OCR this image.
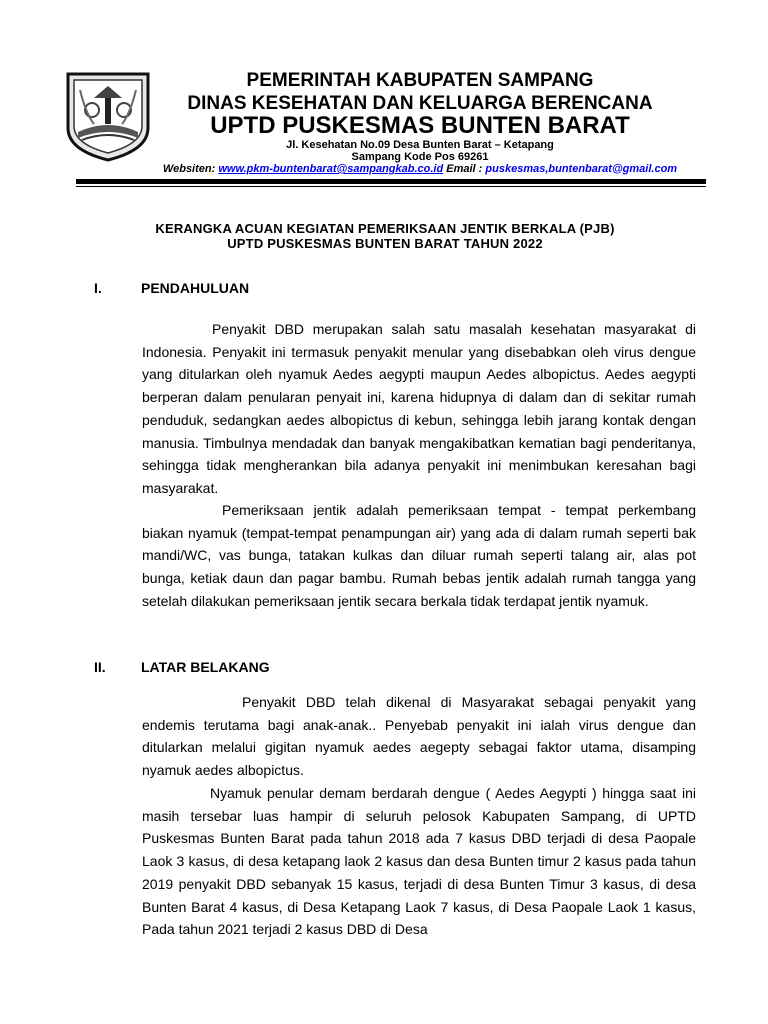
PEMERINTAH KABUPATEN SAMPANG
DINAS KESEHATAN DAN KELUARGA BERENCANA
UPTD PUSKESMAS BUNTEN BARAT
Jl. Kesehatan No.09 Desa Bunten Barat – Ketapang
Sampang Kode Pos 69261
Websiten: www.pkm-buntenbarat@sampangkab.co.id Email : puskesmas,buntenbarat@gmail.com
KERANGKA ACUAN KEGIATAN PEMERIKSAAN JENTIK BERKALA (PJB)
UPTD PUSKESMAS BUNTEN BARAT TAHUN 2022
I.	PENDAHULUAN
Penyakit DBD merupakan salah satu masalah kesehatan masyarakat di Indonesia. Penyakit ini termasuk penyakit menular yang disebabkan oleh virus dengue yang ditularkan oleh nyamuk Aedes aegypti maupun Aedes albopictus. Aedes aegypti berperan dalam penularan penyait ini, karena hidupnya di dalam dan di sekitar rumah penduduk, sedangkan aedes albopictus di kebun, sehingga lebih jarang kontak dengan manusia. Timbulnya mendadak dan banyak mengakibatkan kematian bagi penderitanya, sehingga tidak mengherankan bila adanya penyakit ini menimbukan keresahan bagi masyarakat.
Pemeriksaan jentik adalah pemeriksaan tempat - tempat perkembang biakan nyamuk (tempat-tempat penampungan air) yang ada di dalam rumah seperti bak mandi/WC, vas bunga, tatakan kulkas dan diluar rumah seperti talang air, alas pot bunga, ketiak daun dan pagar bambu. Rumah bebas jentik adalah rumah tangga yang setelah dilakukan pemeriksaan jentik secara berkala tidak terdapat jentik nyamuk.
II.	LATAR BELAKANG
Penyakit DBD telah dikenal di Masyarakat sebagai penyakit yang endemis terutama bagi anak-anak.. Penyebab penyakit ini ialah virus dengue dan ditularkan melalui gigitan nyamuk aedes aegepty sebagai faktor utama, disamping nyamuk aedes albopictus.
Nyamuk penular demam berdarah dengue ( Aedes Aegypti ) hingga saat ini masih tersebar luas hampir di seluruh pelosok Kabupaten Sampang, di UPTD Puskesmas Bunten Barat pada tahun 2018 ada 7 kasus DBD terjadi di desa Paopale Laok 3 kasus, di desa ketapang laok 2 kasus dan desa Bunten timur 2 kasus pada tahun 2019 penyakit DBD sebanyak 15 kasus, terjadi di desa Bunten Timur 3 kasus, di desa Bunten Barat 4 kasus, di Desa Ketapang Laok 7 kasus, di Desa Paopale Laok 1 kasus, Pada tahun 2021 terjadi 2 kasus DBD di Desa
